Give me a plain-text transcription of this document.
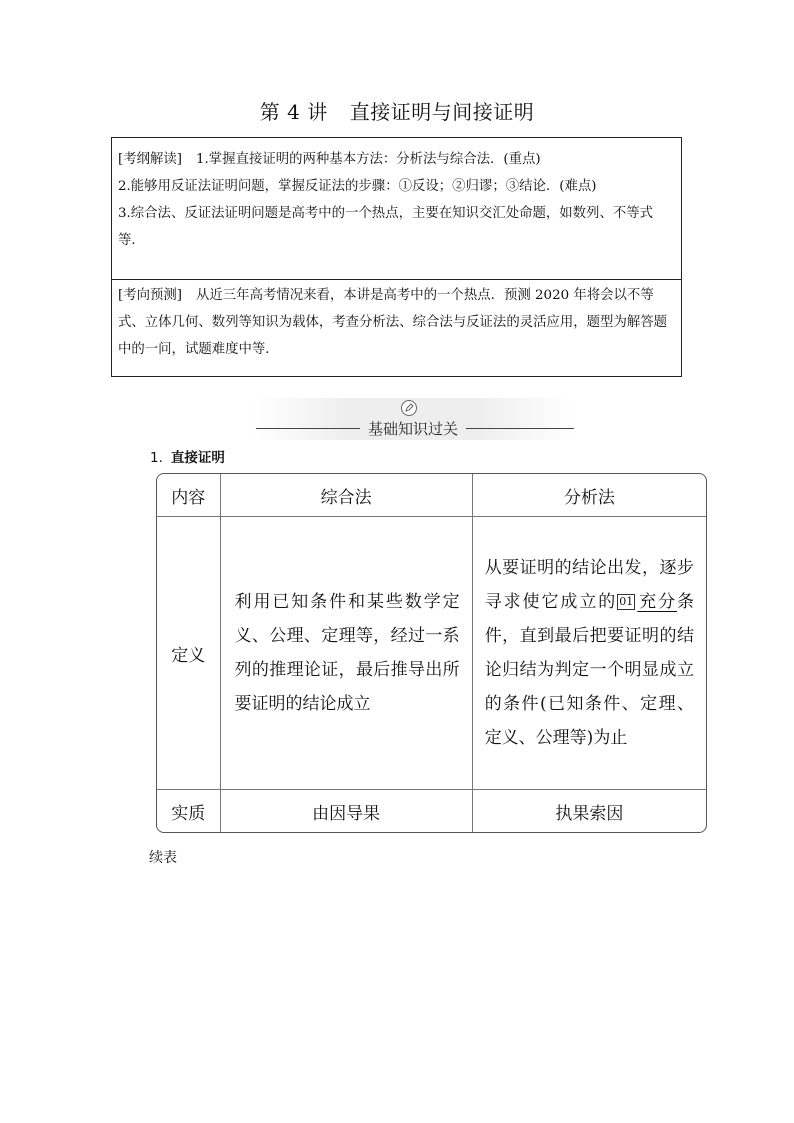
第 4 讲 直接证明与间接证明
[考纲解读] 1.掌握直接证明的两种基本方法：分析法与综合法．(重点)
2.能够用反证法证明问题，掌握反证法的步骤：①反设；②归谬；③结论．(难点)
3.综合法、反证法证明问题是高考中的一个热点，主要在知识交汇处命题，如数列、不等式等．
[考向预测] 从近三年高考情况来看，本讲是高考中的一个热点．预测 2020 年将会以不等式、立体几何、数列等知识为载体，考查分析法、综合法与反证法的灵活应用，题型为解答题中的一问，试题难度中等．
基础知识过关
1. 直接证明
内容	综合法	分析法
定义	利用已知条件和某些数学定义、公理、定理等，经过一系列的推理论证，最后推导出所要证明的结论成立	从要证明的结论出发，逐步寻求使它成立的 01 充分条件，直到最后把要证明的结论归结为判定一个明显成立的条件(已知条件、定理、定义、公理等)为止

实质	由因导果	执果索因
续表
